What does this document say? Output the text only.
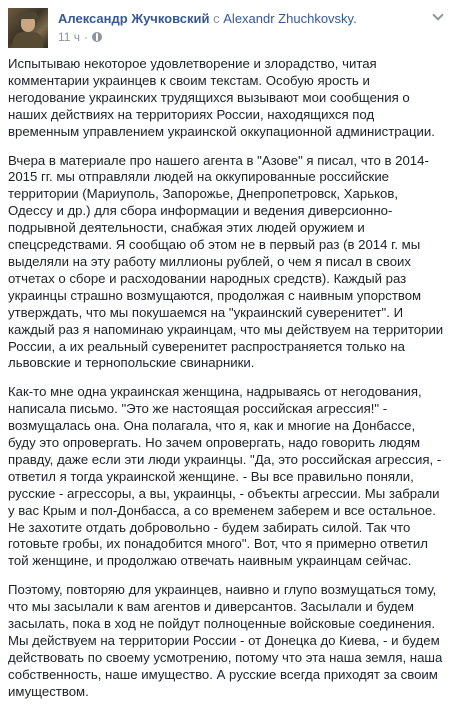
Александр Жучковский с Alexandr Zhuchkovsky.
11 ч ·

Испытываю некоторое удовлетворение и злорадство, читая комментарии украинцев к своим текстам. Особую ярость и негодование украинских трудящихся вызывают мои сообщения о наших действиях на территориях России, находящихся под временным управлением украинской оккупационной администрации.

Вчера в материале про нашего агента в "Азове" я писал, что в 2014-2015 гг. мы отправляли людей на оккупированные российские территории (Мариуполь, Запорожье, Днепропетровск, Харьков, Одессу и др.) для сбора информации и ведения диверсионно-подрывной деятельности, снабжая этих людей оружием и спецсредствами. Я сообщаю об этом не в первый раз (в 2014 г. мы выделяли на эту работу миллионы рублей, о чем я писал в своих отчетах о сборе и расходовании народных средств). Каждый раз украинцы страшно возмущаются, продолжая с наивным упорством утверждать, что мы покушаемся на "украинский суверенитет". И каждый раз я напоминаю украинцам, что мы действуем на территории России, а их реальный суверенитет распространяется только на львовские и тернопольские свинарники.

Как-то мне одна украинская женщина, надрываясь от негодования, написала письмо. "Это же настоящая российская агрессия!" - возмущалась она. Она полагала, что я, как и многие на Донбассе, буду это опровергать. Но зачем опровергать, надо говорить людям правду, даже если эти люди украинцы. "Да, это российская агрессия, - ответил я тогда украинской женщине. - Вы все правильно поняли, русские - агрессоры, а вы, украинцы, - объекты агрессии. Мы забрали у вас Крым и пол-Донбасса, а со временем заберем и все остальное. Не захотите отдать добровольно - будем забирать силой. Так что готовьте гробы, их понадобится много". Вот, что я примерно ответил той женщине, и продолжаю отвечать наивным украинцам сейчас.

Поэтому, повторяю для украинцев, наивно и глупо возмущаться тому, что мы засылали к вам агентов и диверсантов. Засылали и будем засылать, пока в ход не пойдут полноценные войсковые соединения. Мы действуем на территории России - от Донецка до Киева, - и будем действовать по своему усмотрению, потому что эта наша земля, наша собственность, наше имущество. А русские всегда приходят за своим имуществом.
